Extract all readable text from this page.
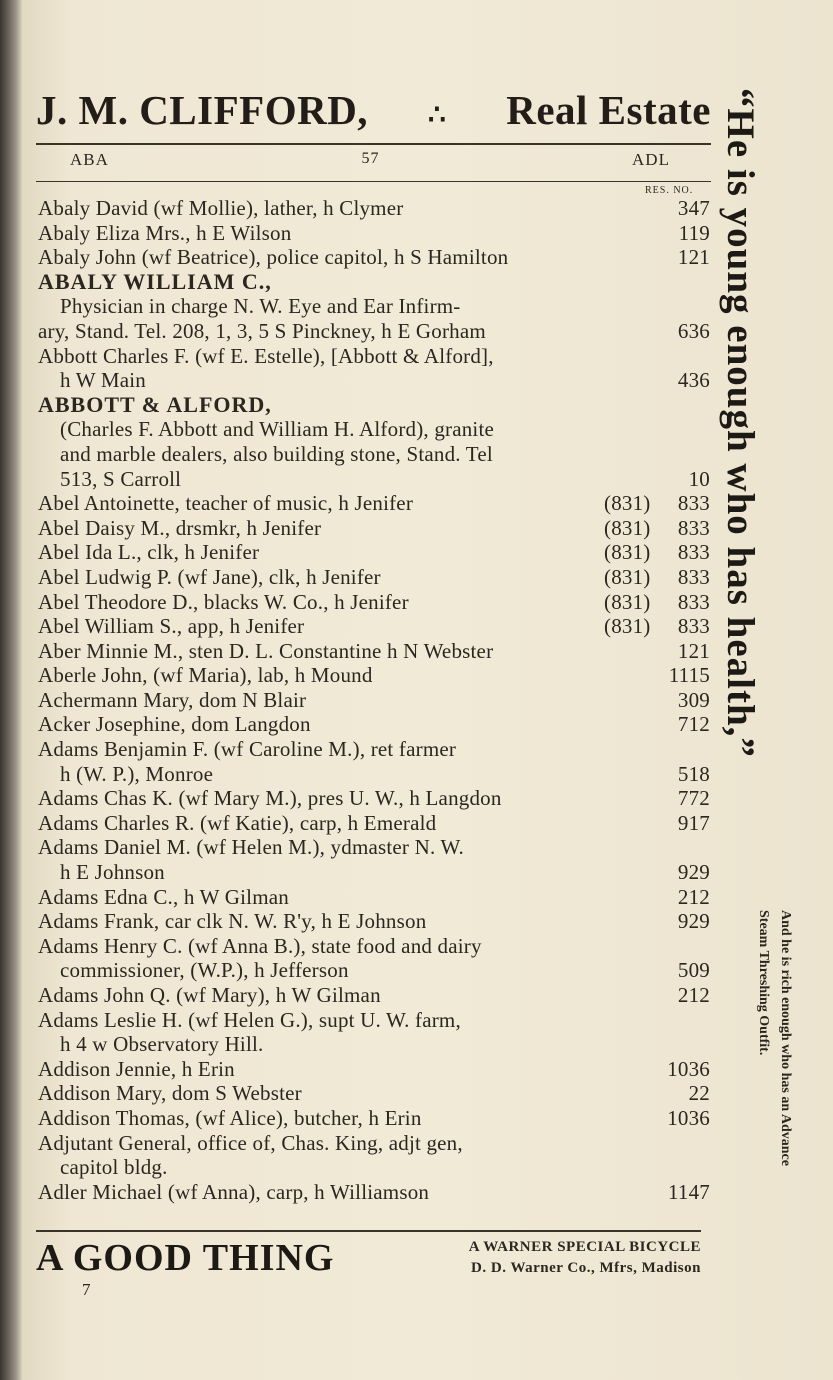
J. M. CLIFFORD, ∴ Real Estate
ABA	57	ADL
RES. NO.
Abaly David (wf Mollie), lather, h Clymer	347
Abaly Eliza Mrs., h E Wilson	119
Abaly John (wf Beatrice), police capitol, h S Hamilton	121
ABALY WILLIAM C.,
Physician in charge N. W. Eye and Ear Infirm-
ary, Stand. Tel. 208, 1, 3, 5 S Pinckney, h E Gorham	636
Abbott Charles F. (wf E. Estelle), [Abbott & Alford],
h W Main	436
ABBOTT & ALFORD,
(Charles F. Abbott and William H. Alford), granite
and marble dealers, also building stone, Stand. Tel
513, S Carroll	10
Abel Antoinette, teacher of music, h Jenifer	(831)	833
Abel Daisy M., drsmkr, h Jenifer	(831)	833
Abel Ida L., clk, h Jenifer	(831)	833
Abel Ludwig P. (wf Jane), clk, h Jenifer	(831)	833
Abel Theodore D., blacks W. Co., h Jenifer	(831)	833
Abel William S., app, h Jenifer	(831)	833
Aber Minnie M., sten D. L. Constantine h N Webster	121
Aberle John, (wf Maria), lab, h Mound	1115
Achermann Mary, dom N Blair	309
Acker Josephine, dom Langdon	712
Adams Benjamin F. (wf Caroline M.), ret farmer
h (W. P.), Monroe	518
Adams Chas K. (wf Mary M.), pres U. W., h Langdon	772
Adams Charles R. (wf Katie), carp, h Emerald	917
Adams Daniel M. (wf Helen M.), ydmaster N. W.
h E Johnson	929
Adams Edna C., h W Gilman	212
Adams Frank, car clk N. W. R'y, h E Johnson	929
Adams Henry C. (wf Anna B.), state food and dairy
commissioner, (W.P.), h Jefferson	509
Adams John Q. (wf Mary), h W Gilman	212
Adams Leslie H. (wf Helen G.), supt U. W. farm,
h 4 w Observatory Hill.
Addison Jennie, h Erin	1036
Addison Mary, dom S Webster	22
Addison Thomas, (wf Alice), butcher, h Erin	1036
Adjutant General, office of, Chas. King, adjt gen,
capitol bldg.
Adler Michael (wf Anna), carp, h Williamson	1147
A GOOD THING	A WARNER SPECIAL BICYCLE
D. D. Warner Co., Mfrs, Madison
7
“He is young enough who has health,”
And he is rich enough who has an Advance
Steam Threshing Outfit.
